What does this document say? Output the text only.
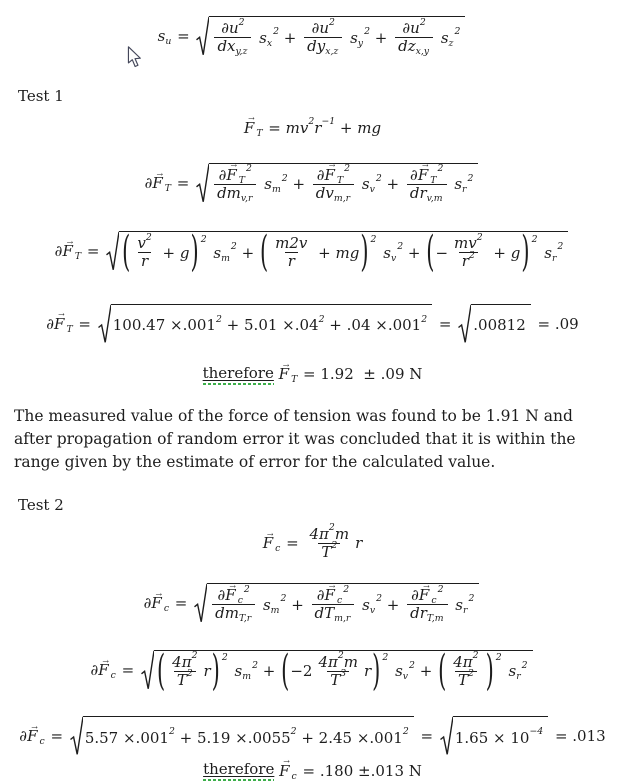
s $u = \frac{\partial u 2}{\text{dx y,z}}$ s x
$2 + \frac{\partial u 2}{\text{dy x,z}}$ s y
$2 + \frac{\partial u 2}{\text{dz x,y}}$ s z
2
Test 1
F → T = mv 2 r −1 + mg
∂ F → T = ∂ F → T
2
dm v,r s m
2 + ∂ F → T
2
dv m,r s v
2 + ∂ F → T
2
dr v,m s r
2
∂ F → T = ( $\frac{v 2}{r} + g$ ) 2
s m
2 + ( $\frac{m2v}{r}$ + mg ) 2
s v
2 + ( − $\frac{mv 2}{r 2} + g$ ) 2
s r
2
∂ F → T = 100.47 ×.001 2 + 5.01 ×.04 2 + .04 ×.001 2 = .00812 = .09
therefore
F → T = 1.92  ± .09 N
The measured value of the force of tension was found to be 1.91 N and after propagation of random error it was concluded that it is within the range given by the estimate of error for the calculated value.
Test 2
$F \to c = \frac{4\pi 2 m}{T 2}$ r
∂ F → c = ∂ F → c
2
dm T,r s m
2 + ∂ F → c
2
dT m,r s v
2 + ∂ F → c
2
dr T,m s r
2
∂ F → c = ( $\frac{4\pi 2}{T 2}$ r ) 2
s m
2 + ( $-2 \frac{4\pi 2 m}{T 3}$ r ) 2
s v
2 + ( $\frac{4\pi 2}{T 2}$ ) 2
s r
2
∂ F → c = 5.57 ×.001 2 + 5.19 ×.0055 2 + 2.45 ×.001 2 = 1.65 × 10 −4 = .013
therefore
F → c = .180 ±.013 N
